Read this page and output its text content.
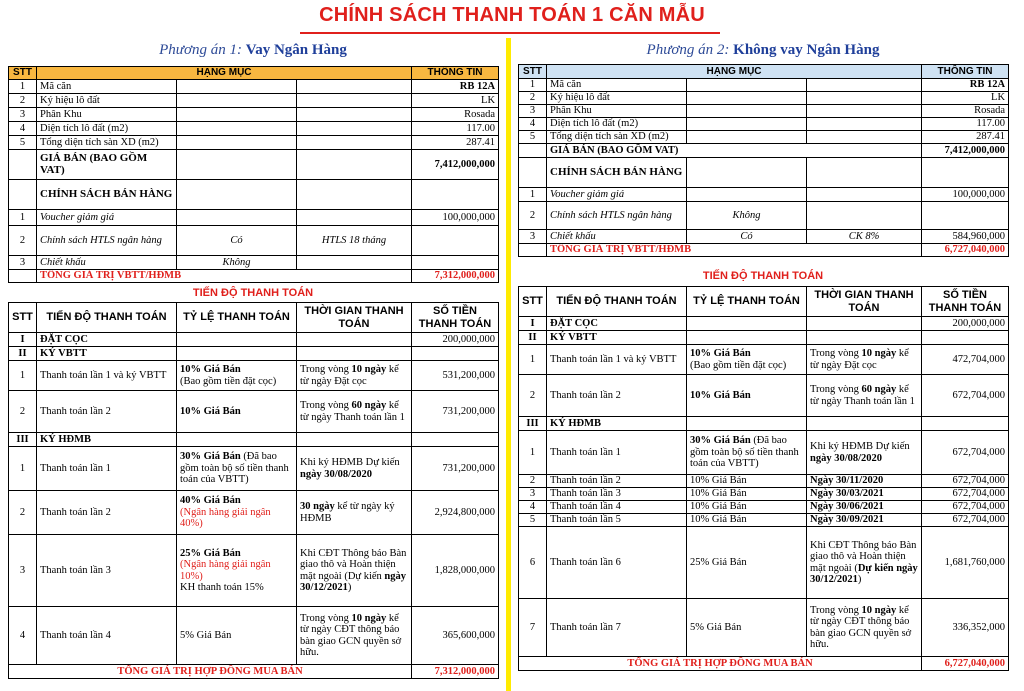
CHÍNH SÁCH THANH TOÁN 1 CĂN MẪU
Phương án 1: Vay Ngân Hàng
STT	HẠNG MỤC			THÔNG TIN
1	Mã căn			RB 12A
2	Ký hiệu lô đất			LK
3	Phân Khu			Rosada
4	Diện tích lô đất (m2)			117.00
5	Tổng diện tích sàn XD (m2)			287.41
	GIÁ BÁN (BAO GỒM VAT)			7,412,000,000
	CHÍNH SÁCH BÁN HÀNG			
1	Voucher giảm giá			100,000,000
2	Chính sách HTLS ngân hàng	Có	HTLS 18 tháng	
3	Chiết khấu	Không		
	TỔNG GIÁ TRỊ VBTT/HĐMB			7,312,000,000
TIẾN ĐỘ THANH TOÁN
STT	TIẾN ĐỘ THANH TOÁN	TỶ LỆ THANH TOÁN	THỜI GIAN THANH TOÁN	SỐ TIỀN THANH TOÁN
I	ĐẶT CỌC			200,000,000
II	KÝ VBTT			
1	Thanh toán lần 1 và ký VBTT	10% Giá Bán
(Bao gồm tiền đặt cọc)	Trong vòng 10 ngày kể từ ngày Đặt cọc	531,200,000
2	Thanh toán lần 2	10% Giá Bán	Trong vòng 60 ngày kể từ ngày Thanh toán lần 1	731,200,000
III	KÝ HĐMB			
1	Thanh toán lần 1	30% Giá Bán (Đã bao gồm toàn bộ số tiền thanh toán của VBTT)	Khi ký HĐMB Dự kiến ngày 30/08/2020	731,200,000
2	Thanh toán lần 2	40% Giá Bán
(Ngân hàng giải ngân 40%)	30 ngày kể từ ngày ký HĐMB	2,924,800,000
3	Thanh toán lần 3	25% Giá Bán
(Ngân hàng giải ngân 10%)
KH thanh toán 15%	Khi CĐT Thông báo Bàn giao thô và Hoàn thiện mặt ngoài (Dự kiến ngày 30/12/2021)	1,828,000,000
4	Thanh toán lần 4	5% Giá Bán	Trong vòng 10 ngày kể từ ngày CĐT thông báo bàn giao GCN quyền sở hữu.	365,600,000
TỔNG GIÁ TRỊ HỢP ĐỒNG MUA BÁN				7,312,000,000
Phương án 2: Không vay Ngân Hàng
STT	HẠNG MỤC			THÔNG TIN
1	Mã căn			RB 12A
2	Ký hiệu lô đất			LK
3	Phân Khu			Rosada
4	Diện tích lô đất (m2)			117.00
5	Tổng diện tích sàn XD (m2)			287.41
	GIÁ BÁN (BAO GỒM VAT)			7,412,000,000
	CHÍNH SÁCH BÁN HÀNG			
1	Voucher giảm giá			100,000,000
2	Chính sách HTLS ngân hàng	Không		
3	Chiết khấu	Có	CK 8%	584,960,000
	TỔNG GIÁ TRỊ VBTT/HĐMB			6,727,040,000
TIẾN ĐỘ THANH TOÁN
STT	TIẾN ĐỘ THANH TOÁN	TỶ LỆ THANH TOÁN	THỜI GIAN THANH TOÁN	SỐ TIỀN THANH TOÁN
I	ĐẶT CỌC			200,000,000
II	KÝ VBTT			
1	Thanh toán lần 1 và ký VBTT	10% Giá Bán
(Bao gồm tiền đặt cọc)	Trong vòng 10 ngày kể từ ngày Đặt cọc	472,704,000
2	Thanh toán lần 2	10% Giá Bán	Trong vòng 60 ngày kể từ ngày Thanh toán lần 1	672,704,000
III	KÝ HĐMB			
1	Thanh toán lần 1	30% Giá Bán (Đã bao gồm toàn bộ số tiền thanh toán của VBTT)	Khi ký HĐMB Dự kiến ngày 30/08/2020	672,704,000
2	Thanh toán lần 2	10% Giá Bán	Ngày 30/11/2020	672,704,000
3	Thanh toán lần 3	10% Giá Bán	Ngày 30/03/2021	672,704,000
4	Thanh toán lần 4	10% Giá Bán	Ngày 30/06/2021	672,704,000
5	Thanh toán lần 5	10% Giá Bán	Ngày 30/09/2021	672,704,000
6	Thanh toán lần 6	25% Giá Bán	Khi CĐT Thông báo Bàn giao thô và Hoàn thiện mặt ngoài (Dự kiến ngày 30/12/2021)	1,681,760,000
7	Thanh toán lần 7	5% Giá Bán	Trong vòng 10 ngày kể từ ngày CĐT thông báo bàn giao GCN quyền sở hữu.	336,352,000
TỔNG GIÁ TRỊ HỢP ĐỒNG MUA BÁN				6,727,040,000
